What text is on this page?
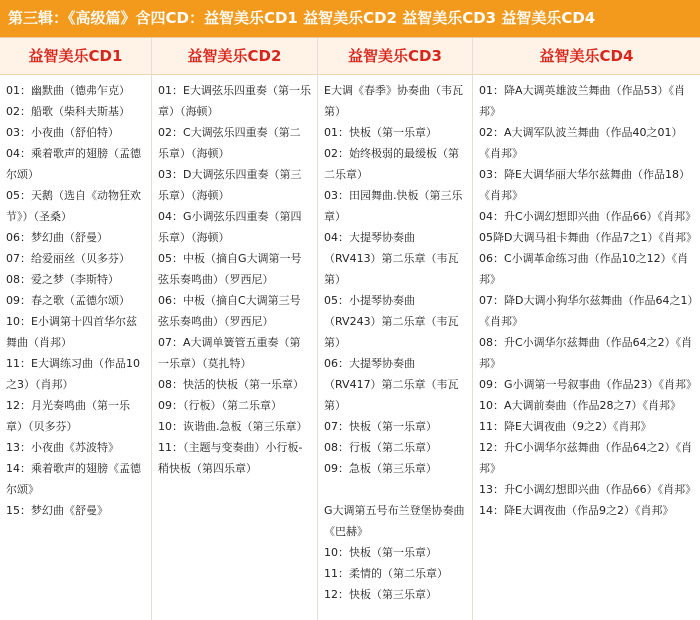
第三辑：《高级篇》含四CD：益智美乐CD1 益智美乐CD2 益智美乐CD3 益智美乐CD4
益智美乐CD1
01：幽默曲（德弗乍克）
02：船歌（柴科夫斯基）
03：小夜曲（舒伯特）
04：乘着歌声的翅膀（孟德尔颂）
05：天鹅（选自《动物狂欢节》）（圣桑）
06：梦幻曲（舒曼）
07：给爱丽丝（贝多芬）
08：爱之梦（李斯特）
09：春之歌（孟德尔颂）
10：E小调第十四首华尔兹舞曲（肖邦）
11：E大调练习曲（作品10之3）（肖邦）
12：月光奏鸣曲（第一乐章）（贝多芬）
13：小夜曲《苏波特》
14：乘着歌声的翅膀《孟德尔颂》
15：梦幻曲《舒曼》
益智美乐CD2
01：E大调弦乐四重奏（第一乐章）（海顿）
02：C大调弦乐四重奏（第二乐章）（海顿）
03：D大调弦乐四重奏（第三乐章）（海顿）
04：G小调弦乐四重奏（第四乐章）（海顿）
05：中板（摘自G大调第一号弦乐奏鸣曲）（罗西尼）
06：中板（摘自C大调第三号弦乐奏鸣曲）（罗西尼）
07：A大调单簧管五重奏（第一乐章）（莫扎特）
08：快活的快板（第一乐章）
09：（行板）（第二乐章）
10：诙谐曲.急板（第三乐章）
11：（主题与变奏曲）小行板-稍快板（第四乐章）
益智美乐CD3
E大调《春季》协奏曲（韦瓦第）
01：快板（第一乐章）
02：始终极弱的最缓板（第二乐章）
03：田园舞曲.快板（第三乐章）
04：大提琴协奏曲（RV413）第二乐章（韦瓦第）
05：小提琴协奏曲（RV243）第二乐章（韦瓦第）
06：大提琴协奏曲（RV417）第二乐章（韦瓦第）
07：快板（第一乐章）
08：行板（第二乐章）
09：急板（第三乐章）
G大调第五号布兰登堡协奏曲《巴赫》
10：快板（第一乐章）
11：柔情的（第二乐章）
12：快板（第三乐章）
益智美乐CD4
01：降A大调英雄波兰舞曲（作品53）《肖邦》
02：A大调军队波兰舞曲（作品40之01）《肖邦》
03：降E大调华丽大华尔兹舞曲（作品18）《肖邦》
04：升C小调幻想即兴曲（作品66）《肖邦》
05降D大调马祖卡舞曲（作品7之1）《肖邦》
06：C小调革命练习曲（作品10之12）《肖邦》
07：降D大调小狗华尔兹舞曲（作品64之1）《肖邦》
08：升C小调华尔兹舞曲（作品64之2）《肖邦》
09：G小调第一号叙事曲（作品23）《肖邦》
10：A大调前奏曲（作品28之7）《肖邦》
11：降E大调夜曲（9之2）《肖邦》
12：升C小调华尔兹舞曲（作品64之2）《肖邦》
13：升C小调幻想即兴曲（作品66）《肖邦》
14：降E大调夜曲（作品9之2）《肖邦》
